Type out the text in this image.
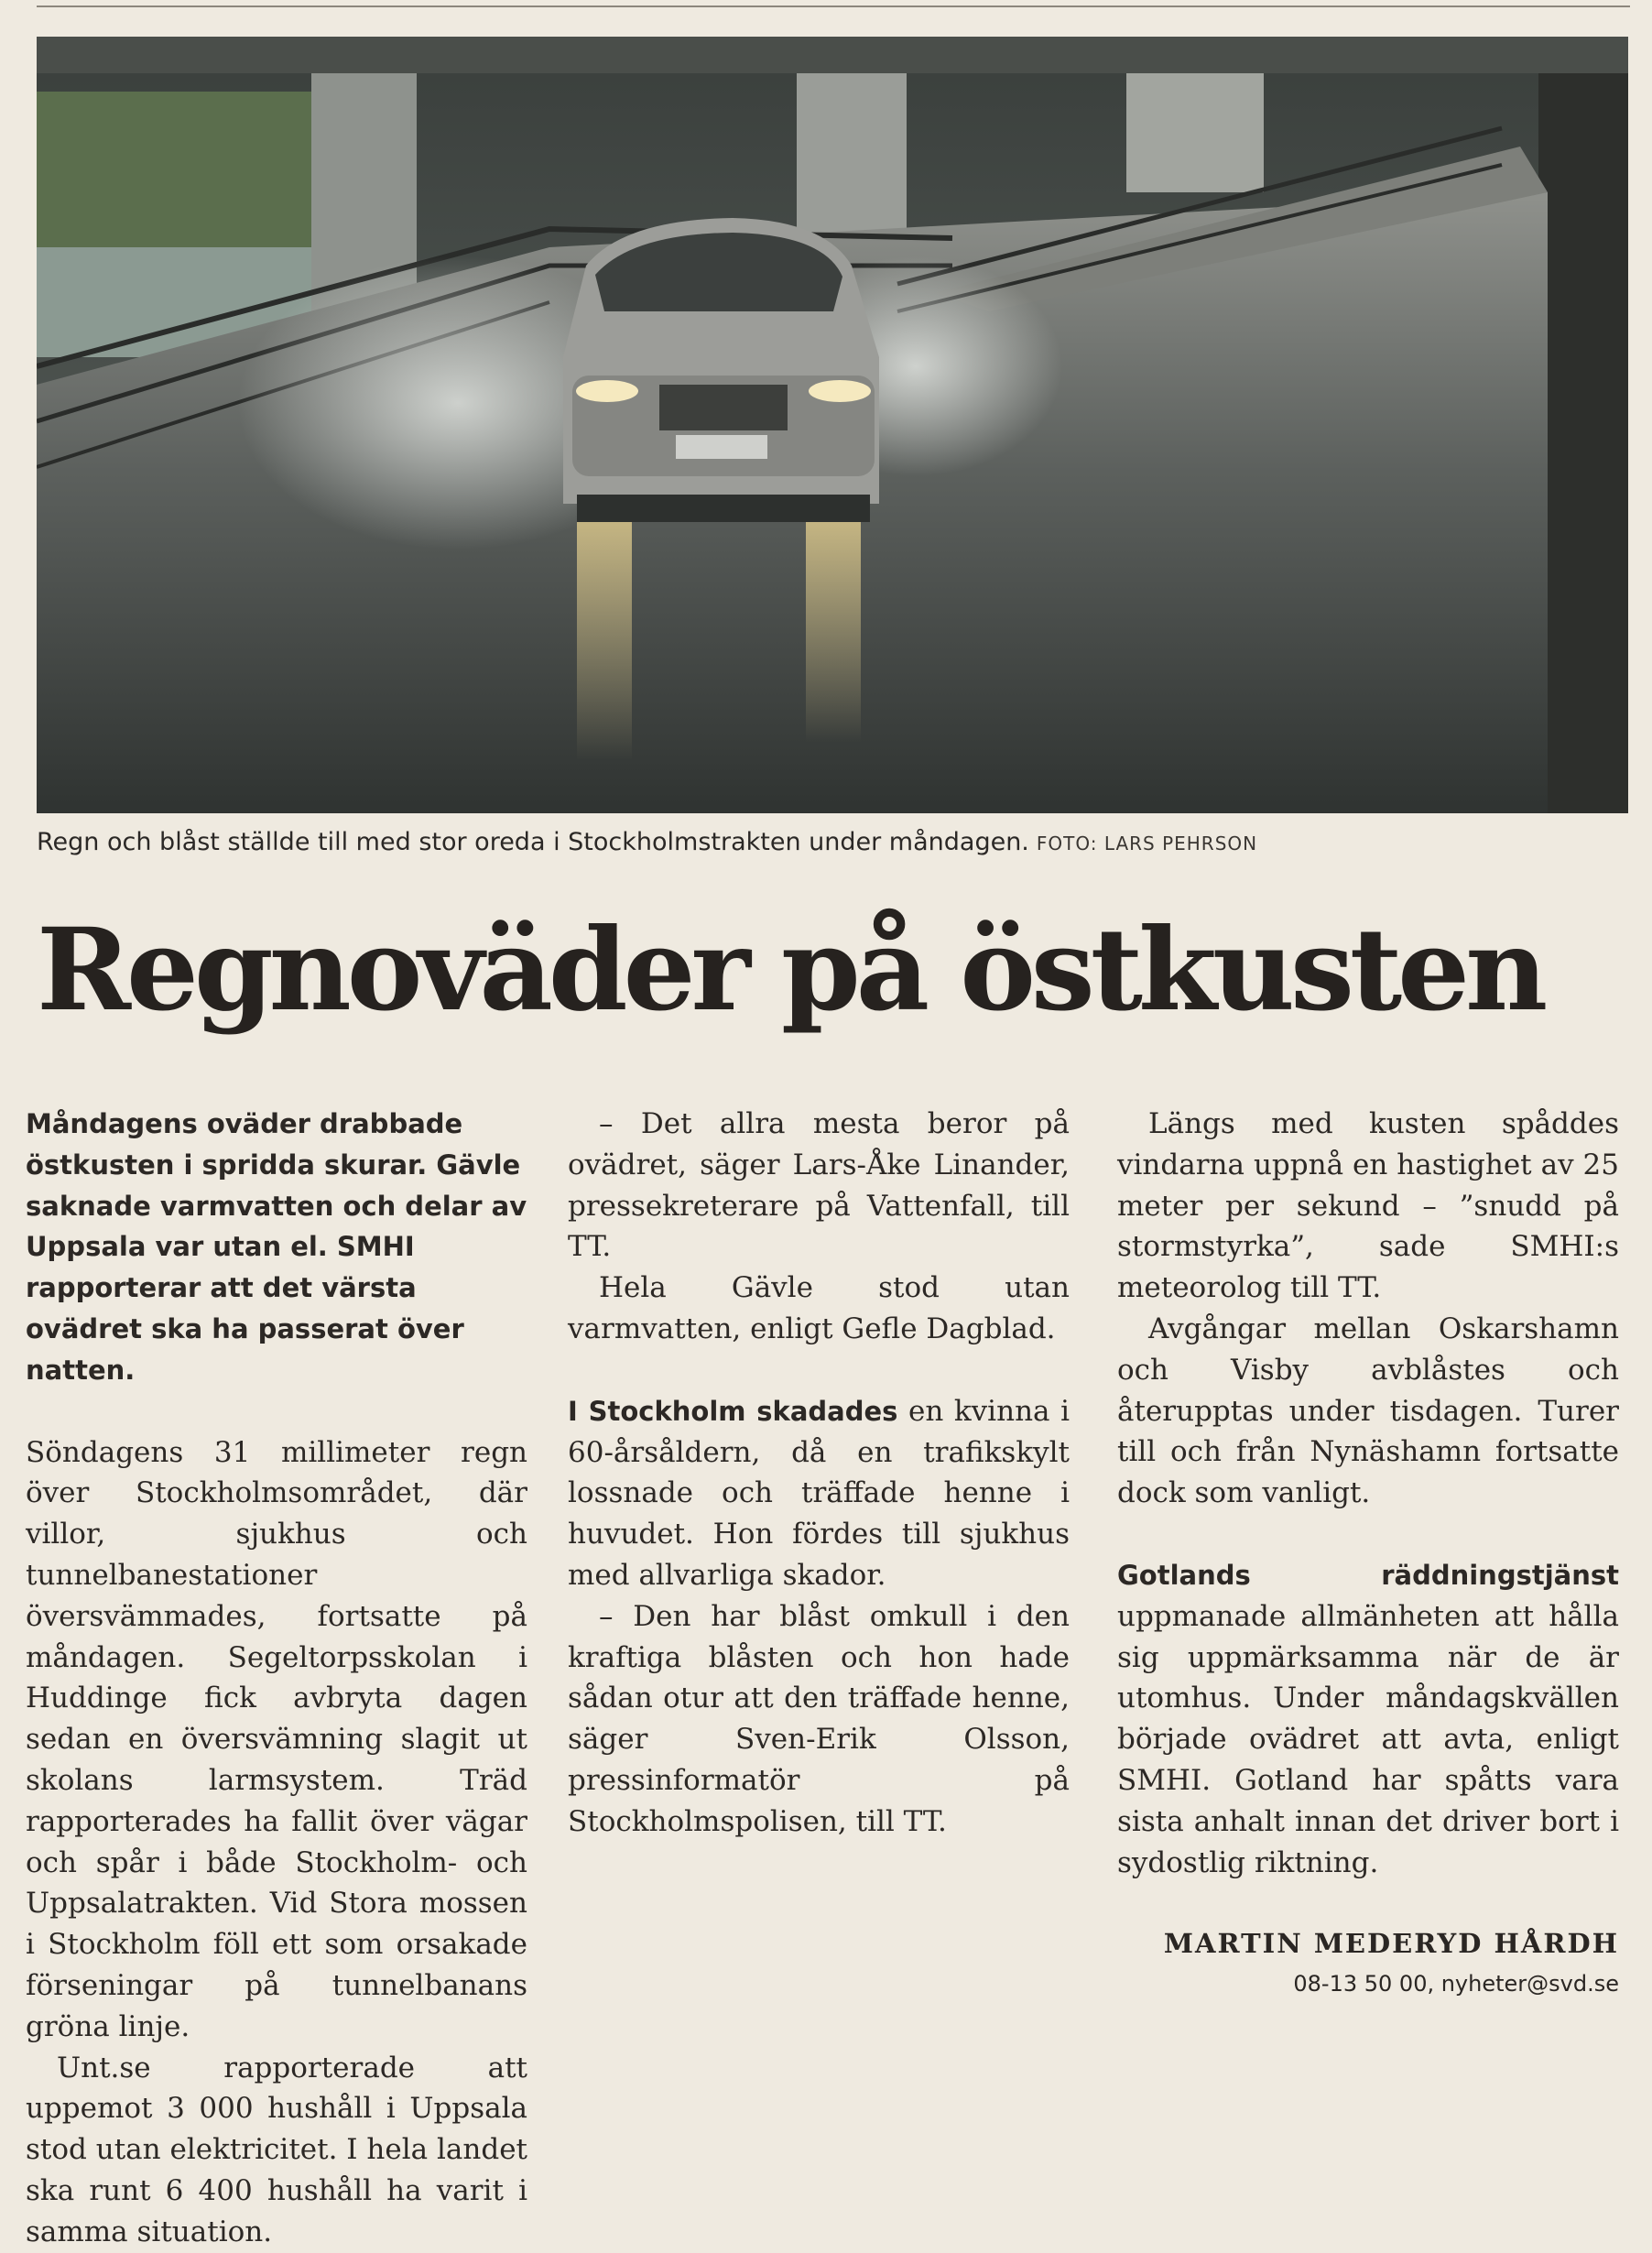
Regn och blåst ställde till med stor oreda i Stockholmstrakten under måndagen. FOTO: LARS PEHRSON
Regnoväder på östkusten

Måndagens oväder drabbade östkusten i spridda skurar. Gävle saknade varmvatten och delar av Uppsala var utan el. SMHI rapporterar att det värsta ovädret ska ha passerat över natten.

Söndagens 31 millimeter regn över Stockholmsområdet, där villor, sjukhus och tunnelbanestationer översvämmades, fortsatte på måndagen. Segeltorpsskolan i Huddinge fick avbryta dagen sedan en översvämning slagit ut skolans larmsystem. Träd rapporterades ha fallit över vägar och spår i både Stockholm- och Uppsalatrakten. Vid Stora mossen i Stockholm föll ett som orsakade förseningar på tunnelbanans gröna linje.

Unt.se rapporterade att uppemot 3 000 hushåll i Uppsala stod utan elektricitet. I hela landet ska runt 6 400 hushåll ha varit i samma situation.

– Det allra mesta beror på ovädret, säger Lars-Åke Linander, pressekreterare på Vattenfall, till TT.

Hela Gävle stod utan varmvatten, enligt Gefle Dagblad.

I Stockholm skadades en kvinna i 60-årsåldern, då en trafikskylt lossnade och träffade henne i huvudet. Hon fördes till sjukhus med allvarliga skador.

– Den har blåst omkull i den kraftiga blåsten och hon hade sådan otur att den träffade henne, säger Sven-Erik Olsson, pressinformatör på Stockholmspolisen, till TT.

Längs med kusten spåddes vindarna uppnå en hastighet av 25 meter per sekund – ”snudd på stormstyrka”, sade SMHI:s meteorolog till TT.

Avgångar mellan Oskarshamn och Visby avblåstes och återupptas under tisdagen. Turer till och från Nynäshamn fortsatte dock som vanligt.

Gotlands räddningstjänst uppmanade allmänheten att hålla sig uppmärksamma när de är utomhus. Under måndagskvällen började ovädret att avta, enligt SMHI. Gotland har spåtts vara sista anhalt innan det driver bort i sydostlig riktning.

MARTIN MEDERYD HÅRDH

08-13 50 00, nyheter@svd.se
